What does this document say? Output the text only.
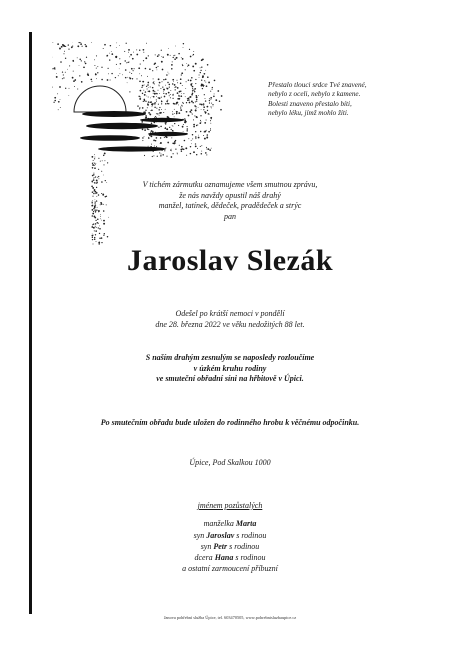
Přestalo tlouci srdce Tvé znavené,
nebylo z oceli, nebylo z kamene.
Bolesti znaveno přestalo bíti,
nebylo léku, jímž mohlo žíti.
V tichém zármutku oznamujeme všem smutnou zprávu,
že nás navždy opustil náš drahý
manžel, tatínek, dědeček, pradědeček a strýc
pan
Jaroslav Slezák
Odešel po krátší nemoci v pondělí
dne 28. března 2022 ve věku nedožitých 88 let.
S naším drahým zesnulým se naposledy rozloučíme
v úzkém kruhu rodiny
ve smuteční obřadní síni na hřbitově v Úpici.
Po smutečním obřadu bude uložen do rodinného hrobu k věčnému odpočinku.
Úpice, Pod Skalkou 1000
jménem pozůstalých
manželka Marta
syn Jaroslav s rodinou
syn Petr s rodinou
dcera Hana s rodinou
a ostatní zarmoucení příbuzní
Janova pohřební služba Úpice, tel. 603470505, www.pohrebnisluzbaupice.cz
